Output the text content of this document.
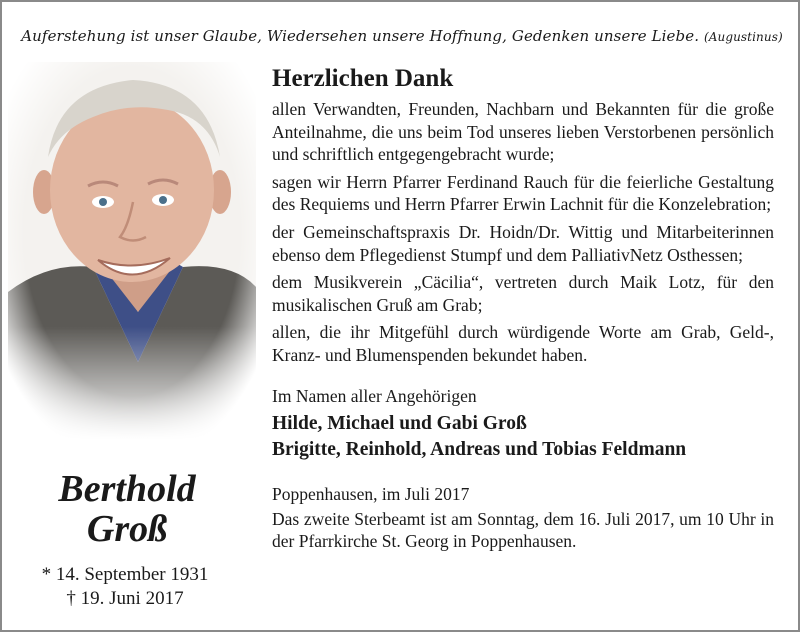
Auferstehung ist unser Glaube, Wiedersehen unsere Hoffnung, Gedenken unsere Liebe. (Augustinus)
Berthold
Groß
* 14. September 1931
† 19. Juni 2017
Herzlichen Dank

allen Verwandten, Freunden, Nachbarn und Bekannten für die große Anteilnahme, die uns beim Tod unseres lieben Verstorbenen persönlich und schriftlich entgegengebracht wurde;

sagen wir Herrn Pfarrer Ferdinand Rauch für die feierliche Gestaltung des Requiems und Herrn Pfarrer Erwin Lachnit für die Konzelebration;

der Gemeinschaftspraxis Dr. Hoidn/Dr. Wittig und Mitarbeiterinnen ebenso dem Pflegedienst Stumpf und dem PalliativNetz Osthessen;

dem Musikverein „Cäcilia“, vertreten durch Maik Lotz, für den musikalischen Gruß am Grab;

allen, die ihr Mitgefühl durch würdigende Worte am Grab, Geld-, Kranz- und Blumenspenden bekundet haben.

Im Namen aller Angehörigen

Hilde, Michael und Gabi Groß

Brigitte, Reinhold, Andreas und Tobias Feldmann

Poppenhausen, im Juli 2017

Das zweite Sterbeamt ist am Sonntag, dem 16. Juli 2017, um 10 Uhr in der Pfarrkirche St. Georg in Poppenhausen.
